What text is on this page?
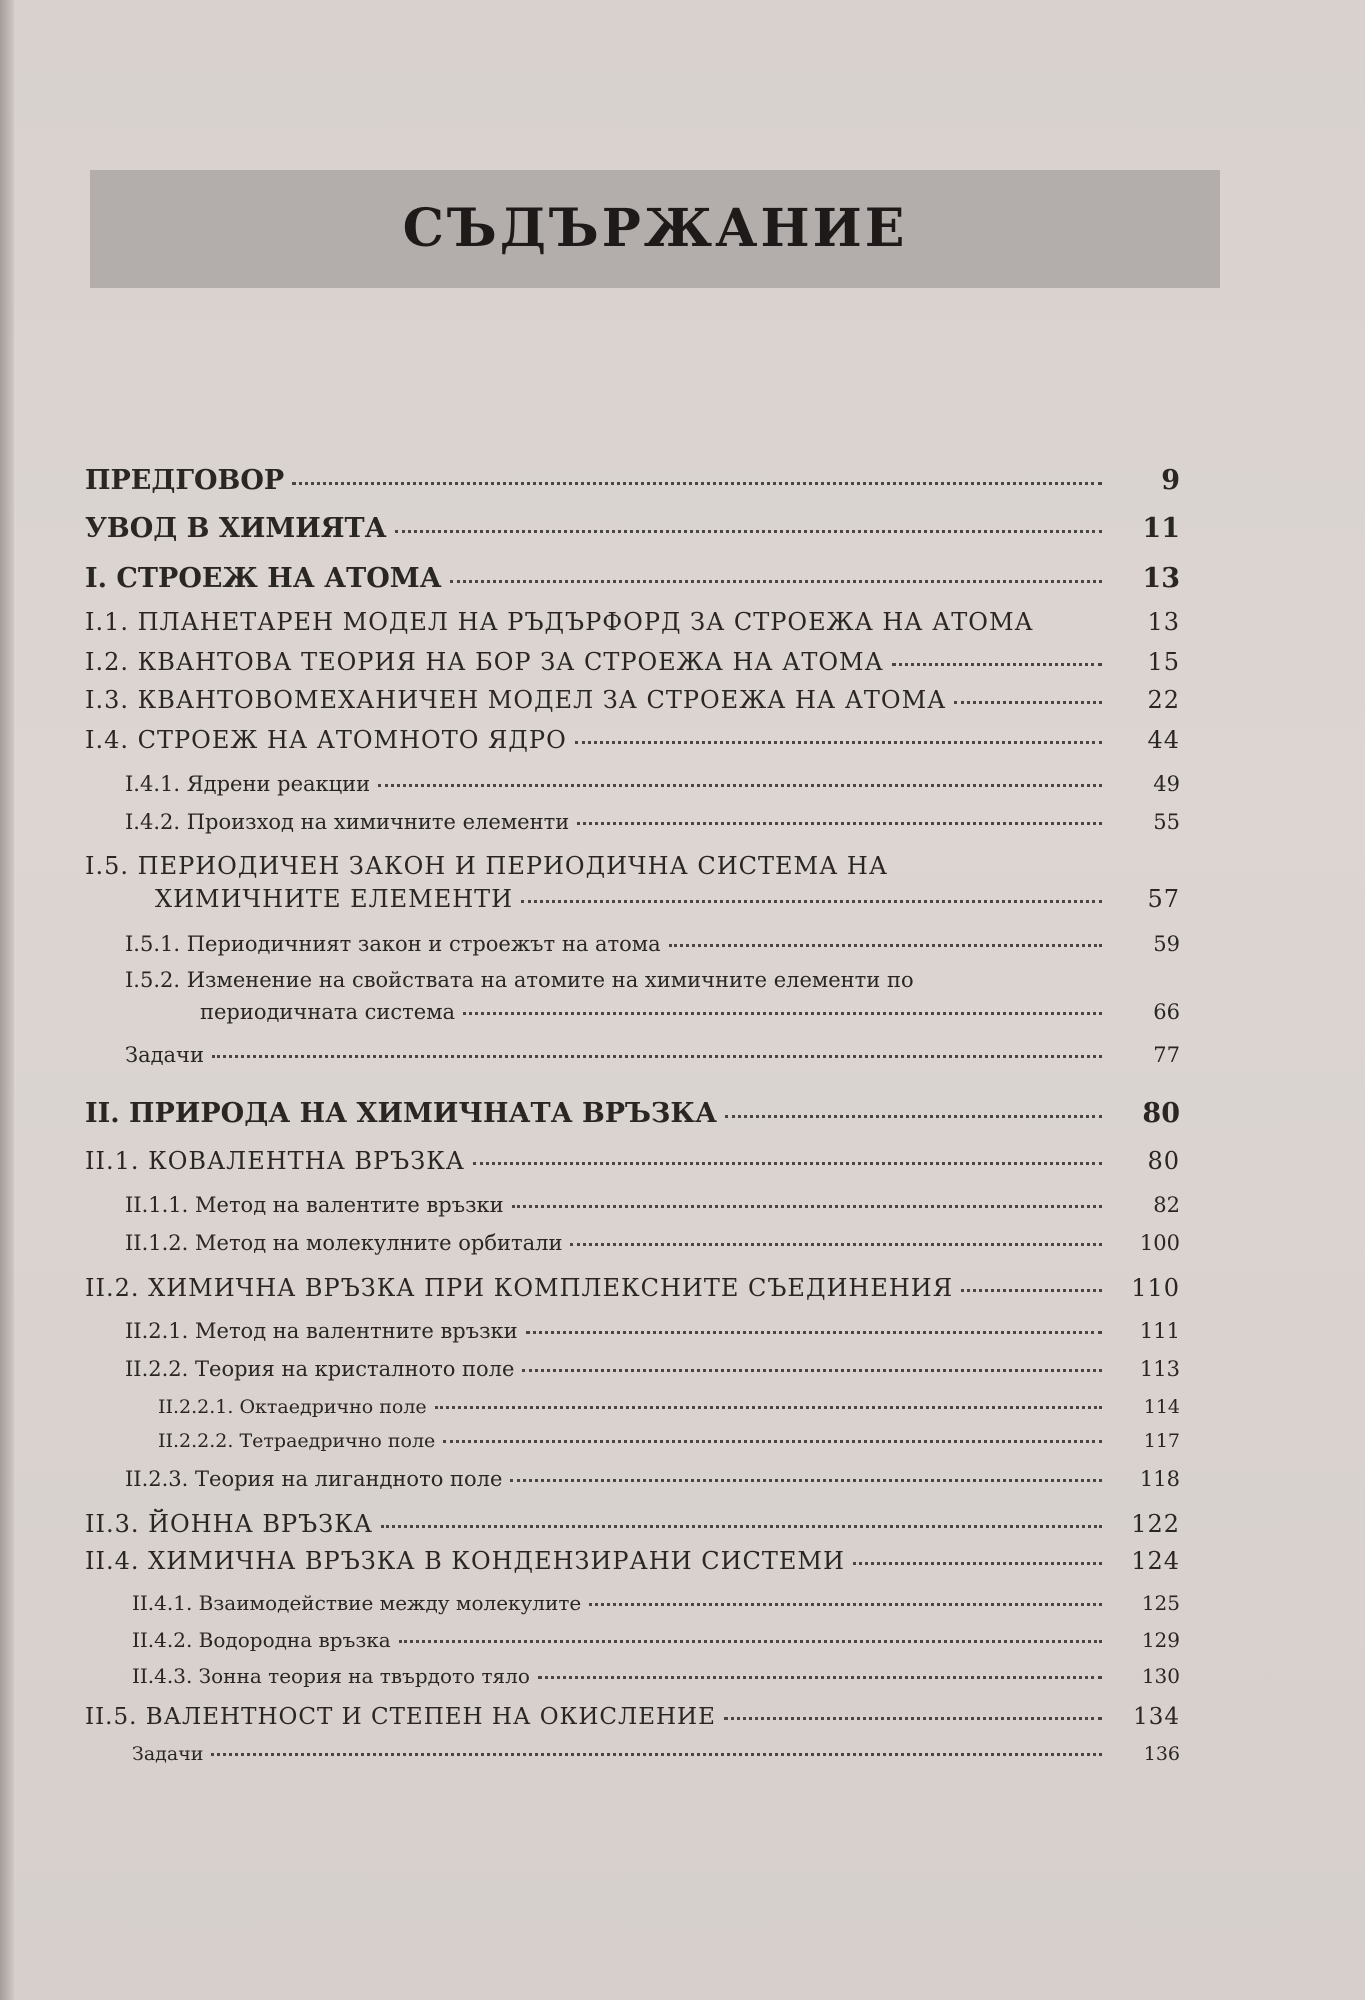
СЪДЪРЖАНИЕ
ПРЕДГОВОР	9
УВОД В ХИМИЯТА	11
I. СТРОЕЖ НА АТОМА	13
I.1. ПЛАНЕТАРЕН МОДЕЛ НА РЪДЪРФОРД ЗА СТРОЕЖА НА АТОМА	13
I.2. КВАНТОВА ТЕОРИЯ НА БОР ЗА СТРОЕЖА НА АТОМА	15
I.3. КВАНТОВОМЕХАНИЧЕН МОДЕЛ ЗА СТРОЕЖА НА АТОМА	22
I.4. СТРОЕЖ НА АТОМНОТО ЯДРО	44
I.4.1. Ядрени реакции	49
I.4.2. Произход на химичните елементи	55
I.5. ПЕРИОДИЧЕН ЗАКОН И ПЕРИОДИЧНА СИСТЕМА НА
ХИМИЧНИТЕ ЕЛЕМЕНТИ	57
I.5.1. Периодичният закон и строежът на атома	59
I.5.2. Изменение на свойствата на атомите на химичните елементи по
периодичната система	66
Задачи	77
II. ПРИРОДА НА ХИМИЧНАТА ВРЪЗКА	80
II.1. КОВАЛЕНТНА ВРЪЗКА	80
II.1.1. Метод на валентите връзки	82
II.1.2. Метод на молекулните орбитали	100
II.2. ХИМИЧНА ВРЪЗКА ПРИ КОМПЛЕКСНИТЕ СЪЕДИНЕНИЯ	110
II.2.1. Метод на валентните връзки	111
II.2.2. Теория на кристалното поле	113
II.2.2.1. Октаедрично поле	114
II.2.2.2. Тетраедрично поле	117
II.2.3. Теория на лигандното поле	118
II.3. ЙОННА ВРЪЗКА	122
II.4. ХИМИЧНА ВРЪЗКА В КОНДЕНЗИРАНИ СИСТЕМИ	124
II.4.1. Взаимодействие между молекулите	125
II.4.2. Водородна връзка	129
II.4.3. Зонна теория на твърдото тяло	130
II.5. ВАЛЕНТНОСТ И СТЕПЕН НА ОКИСЛЕНИЕ	134
Задачи	136
